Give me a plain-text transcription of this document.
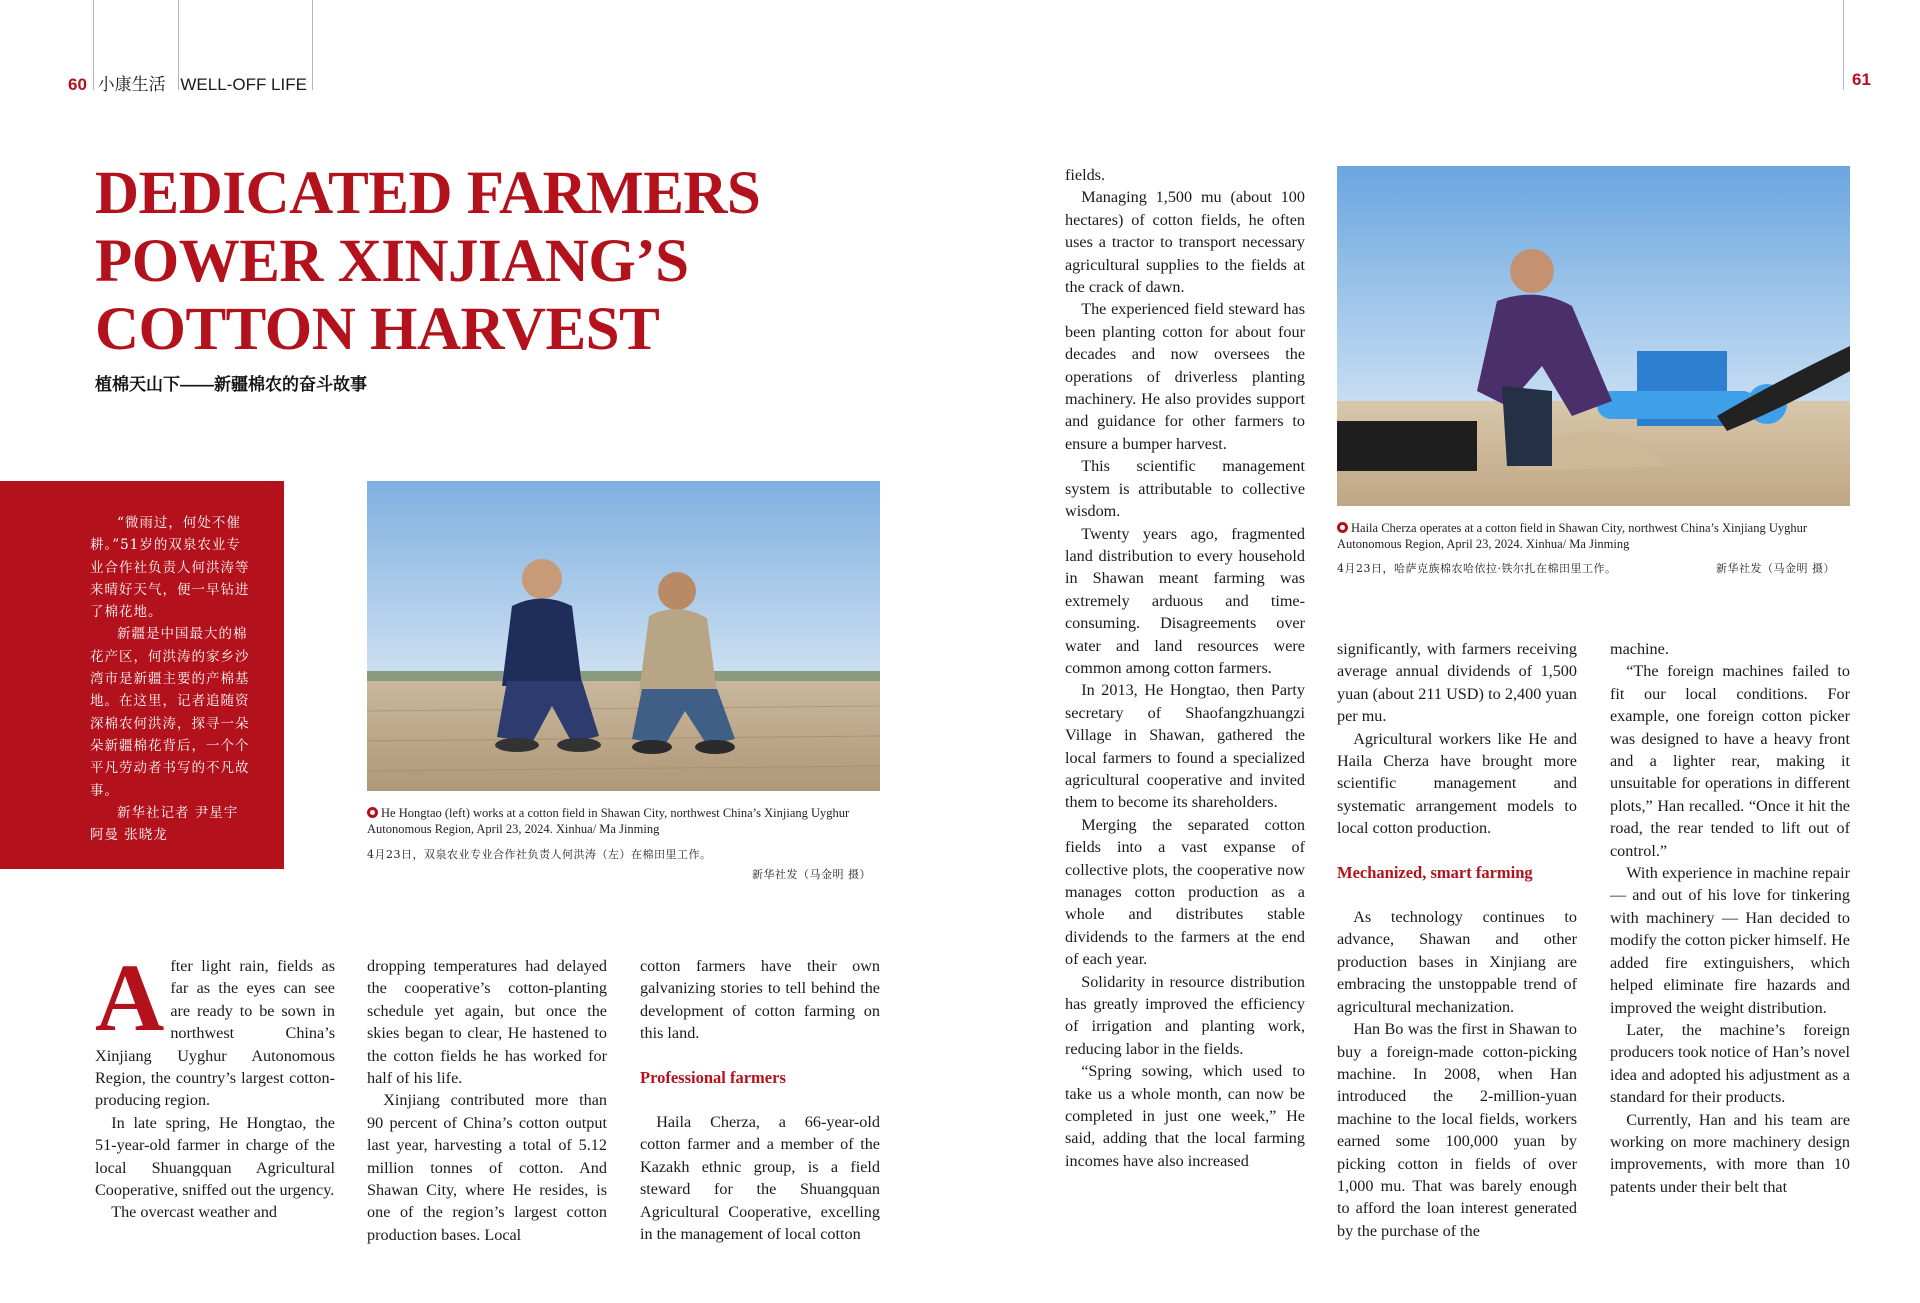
60 小康生活 WELL-OFF LIFE	61
DEDICATED FARMERS
POWER XINJIANG’S
COTTON HARVEST
植棉天山下——新疆棉农的奋斗故事

“微雨过，何处不催耕。”51岁的双泉农业专业合作社负责人何洪涛等来晴好天气，便一早钻进了棉花地。

新疆是中国最大的棉花产区，何洪涛的家乡沙湾市是新疆主要的产棉基地。在这里，记者追随资深棉农何洪涛，探寻一朵朵新疆棉花背后，一个个平凡劳动者书写的不凡故事。

新华社记者 尹星宇 阿曼 张晓龙

He Hongtao (left) works at a cotton field in Shawan City, northwest China’s Xinjiang Uyghur Autonomous Region, April 23, 2024. Xinhua/ Ma Jinming
4月23日，双泉农业专业合作社负责人何洪涛（左）在棉田里工作。
新华社发（马金明 摄）
Haila Cherza operates at a cotton field in Shawan City, northwest China’s Xinjiang Uyghur Autonomous Region, April 23, 2024. Xinhua/ Ma Jinming
4月23日，哈萨克族棉农哈依拉·铁尔扎在棉田里工作。	新华社发（马金明 摄）

After light rain, fields as far as the eyes can see are ready to be sown in northwest China’s Xinjiang Uyghur Autonomous Region, the country’s largest cotton-producing region.

In late spring, He Hongtao, the 51-year-old farmer in charge of the local Shuangquan Agricultural Cooperative, sniffed out the urgency.

The overcast weather and

dropping temperatures had delayed the cooperative’s cotton-planting schedule yet again, but once the skies began to clear, He hastened to the cotton fields he has worked for half of his life.

Xinjiang contributed more than 90 percent of China’s cotton output last year, harvesting a total of 5.12 million tonnes of cotton. And Shawan City, where He resides, is one of the region’s largest cotton production bases. Local

cotton farmers have their own galvanizing stories to tell behind the development of cotton farming on this land.

Professional farmers

Haila Cherza, a 66-year-old cotton farmer and a member of the Kazakh ethnic group, is a field steward for the Shuangquan Agricultural Cooperative, excelling in the management of local cotton

fields.

Managing 1,500 mu (about 100 hectares) of cotton fields, he often uses a tractor to transport necessary agricultural supplies to the fields at the crack of dawn.

The experienced field steward has been planting cotton for about four decades and now oversees the operations of driverless planting machinery. He also provides support and guidance for other farmers to ensure a bumper harvest.

This scientific management system is attributable to collective wisdom.

Twenty years ago, fragmented land distribution to every household in Shawan meant farming was extremely arduous and time-consuming. Disagreements over water and land resources were common among cotton farmers.

In 2013, He Hongtao, then Party secretary of Shaofangzhuangzi Village in Shawan, gathered the local farmers to found a specialized agricultural cooperative and invited them to become its shareholders.

Merging the separated cotton fields into a vast expanse of collective plots, the cooperative now manages cotton production as a whole and distributes stable dividends to the farmers at the end of each year.

Solidarity in resource distribution has greatly improved the efficiency of irrigation and planting work, reducing labor in the fields.

“Spring sowing, which used to take us a whole month, can now be completed in just one week,” He said, adding that the local farming incomes have also increased

significantly, with farmers receiving average annual dividends of 1,500 yuan (about 211 USD) to 2,400 yuan per mu.

Agricultural workers like He and Haila Cherza have brought more scientific management and systematic arrangement models to local cotton production.

Mechanized, smart farming

As technology continues to advance, Shawan and other production bases in Xinjiang are embracing the unstoppable trend of agricultural mechanization.

Han Bo was the first in Shawan to buy a foreign-made cotton-picking machine. In 2008, when Han introduced the 2-million-yuan machine to the local fields, workers earned some 100,000 yuan by picking cotton in fields of over 1,000 mu. That was barely enough to afford the loan interest generated by the purchase of the

machine.

“The foreign machines failed to fit our local conditions. For example, one foreign cotton picker was designed to have a heavy front and a lighter rear, making it unsuitable for operations in different plots,” Han recalled. “Once it hit the road, the rear tended to lift out of control.”

With experience in machine repair— and out of his love for tinkering with machinery — Han decided to modify the cotton picker himself. He added fire extinguishers, which helped eliminate fire hazards and improved the weight distribution.

Later, the machine’s foreign producers took notice of Han’s novel idea and adopted his adjustment as a standard for their products.

Currently, Han and his team are working on more machinery design improvements, with more than 10 patents under their belt that
